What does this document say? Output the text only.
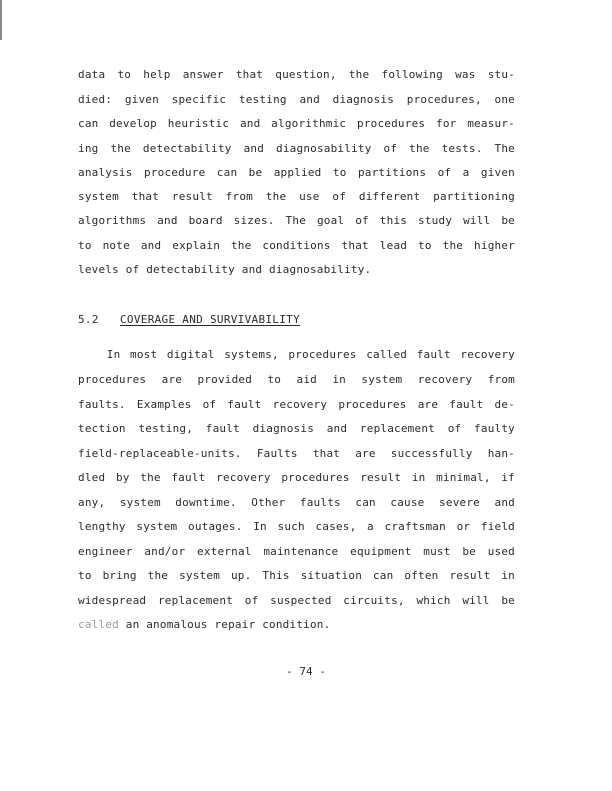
data to help answer that question, the following was stu-
died: given specific testing and diagnosis procedures, one
can develop heuristic and algorithmic procedures for measur-
ing the detectability and diagnosability of the tests. The
analysis procedure can be applied to partitions of a given
system that result from the use of different partitioning
algorithms and board sizes. The goal of this study will be
to note and explain the conditions that lead to the higher
levels of detectability and diagnosability.
5.2 COVERAGE AND SURVIVABILITY
In most digital systems, procedures called fault recovery
procedures are provided to aid in system recovery from
faults. Examples of fault recovery procedures are fault de-
tection testing, fault diagnosis and replacement of faulty
field-replaceable-units. Faults that are successfully han-
dled by the fault recovery procedures result in minimal, if
any, system downtime. Other faults can cause severe and
lengthy system outages. In such cases, a craftsman or field
engineer and/or external maintenance equipment must be used
to bring the system up. This situation can often result in
widespread replacement of suspected circuits, which will be
called an anomalous repair condition.
- 74 -
